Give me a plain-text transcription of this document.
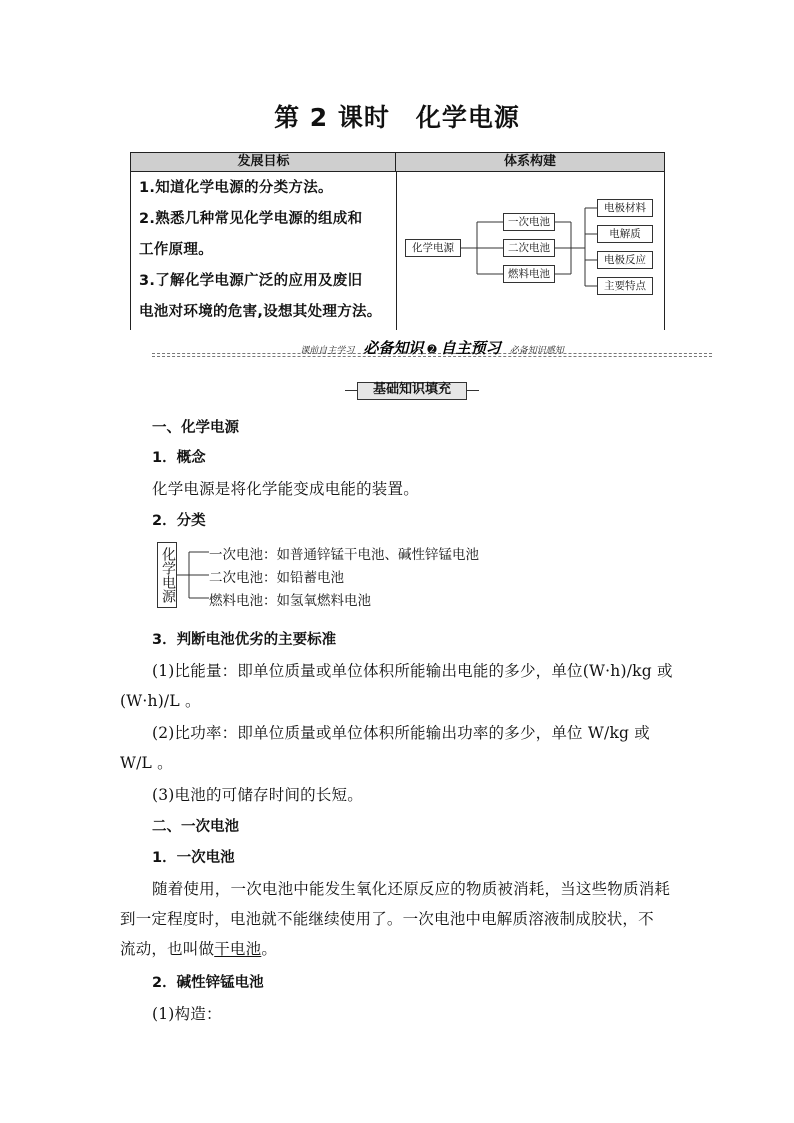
第 2 课时　化学电源
发展目标	体系构建
1.知道化学电源的分类方法。
2.熟悉几种常见化学电源的组成和
工作原理。
3.了解化学电源广泛的应用及废旧
电池对环境的危害,设想其处理方法。
化学电源
一次电池
二次电池
燃料电池
电极材料
电解质
电极反应
主要特点
课前自主学习 必备知识 ➋ 自主预习 必备知识感知
基础知识填充
一、化学电源
1．概念
化学电源是将化学能变成电能的装置。
2．分类
化学电源 一次电池：如普通锌锰干电池、碱性锌锰电池
二次电池：如铅蓄电池
燃料电池：如氢氧燃料电池
3．判断电池优劣的主要标准
(1)比能量：即单位质量或单位体积所能输出电能的多少，单位(W·h)/kg 或
(W·h)/L 。
(2)比功率：即单位质量或单位体积所能输出功率的多少，单位 W/kg 或
W/L 。
(3)电池的可储存时间的长短。
二、一次电池
1．一次电池
随着使用，一次电池中能发生氧化还原反应的物质被消耗，当这些物质消耗
到一定程度时，电池就不能继续使用了。一次电池中电解质溶液制成胶状，不
流动，也叫做干电池。
2．碱性锌锰电池
(1)构造：
